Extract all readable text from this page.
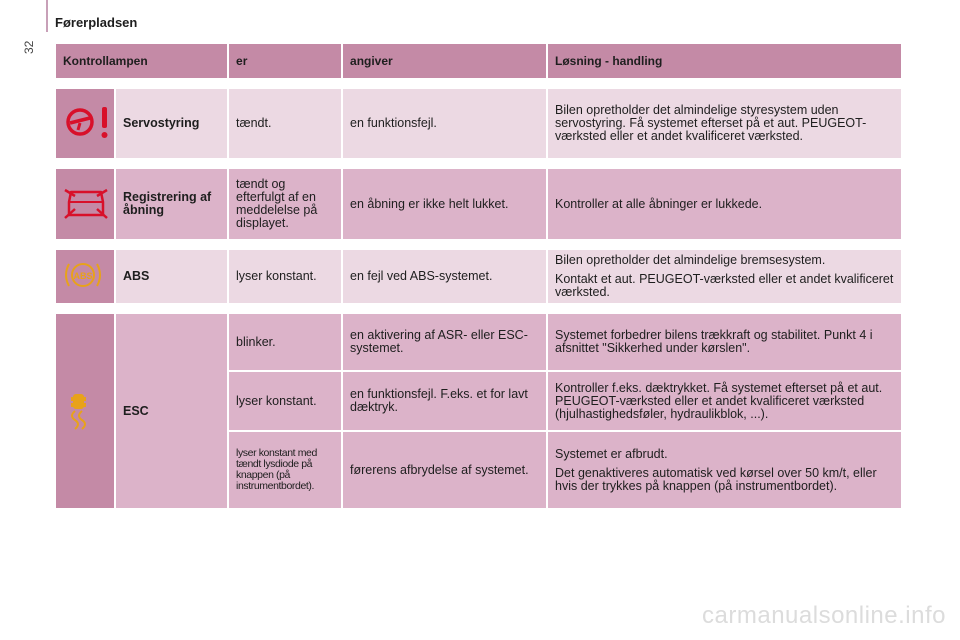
32
Førerpladsen
Kontrollampen		er	angiver	Løsning - handling

	Servostyring	tændt.	en funktionsfejl.	Bilen opretholder det almindelige styresystem uden servostyring. Få systemet efterset på et aut. PEUGEOT-værksted eller et andet kvalificeret værksted.

	Registrering af åbning	tændt og efterfulgt af en meddelelse på displayet.	en åbning er ikke helt lukket.	Kontroller at alle åbninger er lukkede.

ABS	ABS	lyser konstant.	en fejl ved ABS-systemet.	Bilen opretholder det almindelige bremsesystem.

Kontakt et aut. PEUGEOT-værksted eller et andet kvalificeret værksted.

	ESC	blinker.	en aktivering af ASR- eller ESC-systemet.	Systemet forbedrer bilens trækkraft og stabilitet. Punkt 4 i afsnittet "Sikkerhed under kørslen".

		lyser konstant.	en funktionsfejl. F.eks. et for lavt dæktryk.	Kontroller f.eks. dæktrykket. Få systemet efterset på et aut. PEUGEOT-værksted eller et andet kvalificeret værksted (hjulhastighedsføler, hydraulikblok, ...).

		lyser konstant med tændt lysdiode på knappen (på instrumentbordet).	førerens afbrydelse af systemet.	Systemet er afbrudt.

Det genaktiveres automatisk ved kørsel over 50 km/t, eller hvis der trykkes på knappen (på instrumentbordet).

carmanualsonline.info
